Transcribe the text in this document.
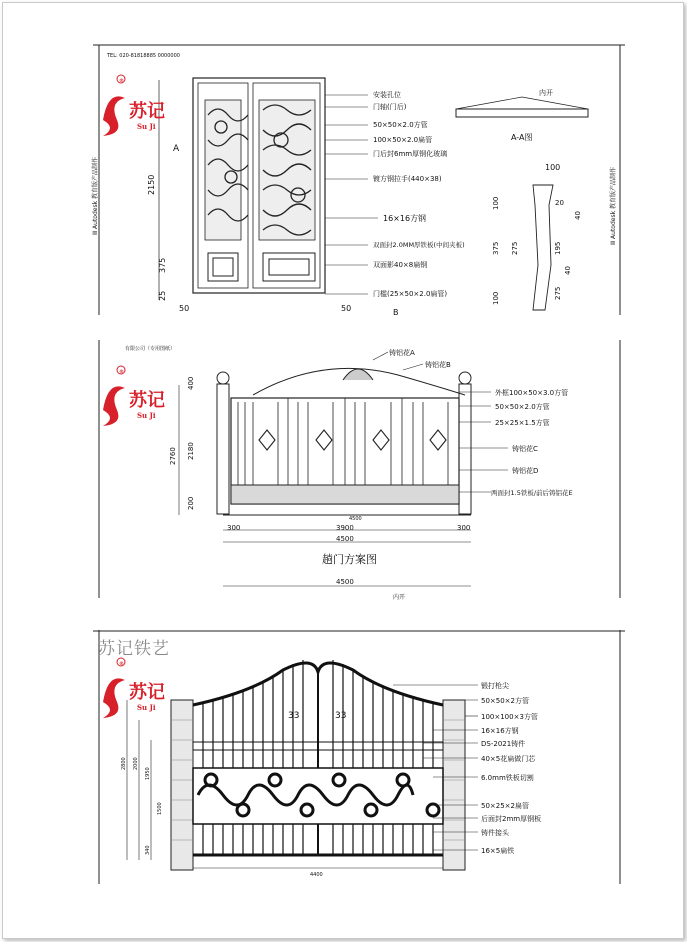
TEL: 020-81818885 0000000
Ⅲ Autodesk 教育版产品制作	Ⅲ Autodesk 教育版产品制作
2150
375
25
50	50
A
B
安装孔位
门轴(门后)
50×50×2.0方管
100×50×2.0扁管
门后封6mm厚钢化玻璃
镀方钢拉手(440×38)
16×16方钢
双面封2.0MM厚铁板(中间夹板)
双面影40×8扁钢
门槛(25×50×2.0扁管)
内开
A-A图
100
100
375
100
275
20
40
195
40
275
苏记
Su Ji
®
有限公司（专用图纸）
2760
400
2180
200
300	3900	300
4500
4500
趟门方案图
4500
内开
铸铝花A
铸铝花B
外框100×50×3.0方管
50×50×2.0方管
25×25×1.5方管
铸铝花C
铸铝花D
两面封1.5铁板/前后铸铝花E
苏记
Su Ji
®
33	33
2800 2000
1950
1500
340
4400
锻打枪尖
50×50×2方管
100×100×3方管
16×16方钢
DS-2021铸件
40×5花扁做门芯
6.0mm铁板切割
50×25×2扁管
后面封2mm厚钢板
铸件接头
16×5扁铁
苏记
Su Ji
®
苏记铁艺
